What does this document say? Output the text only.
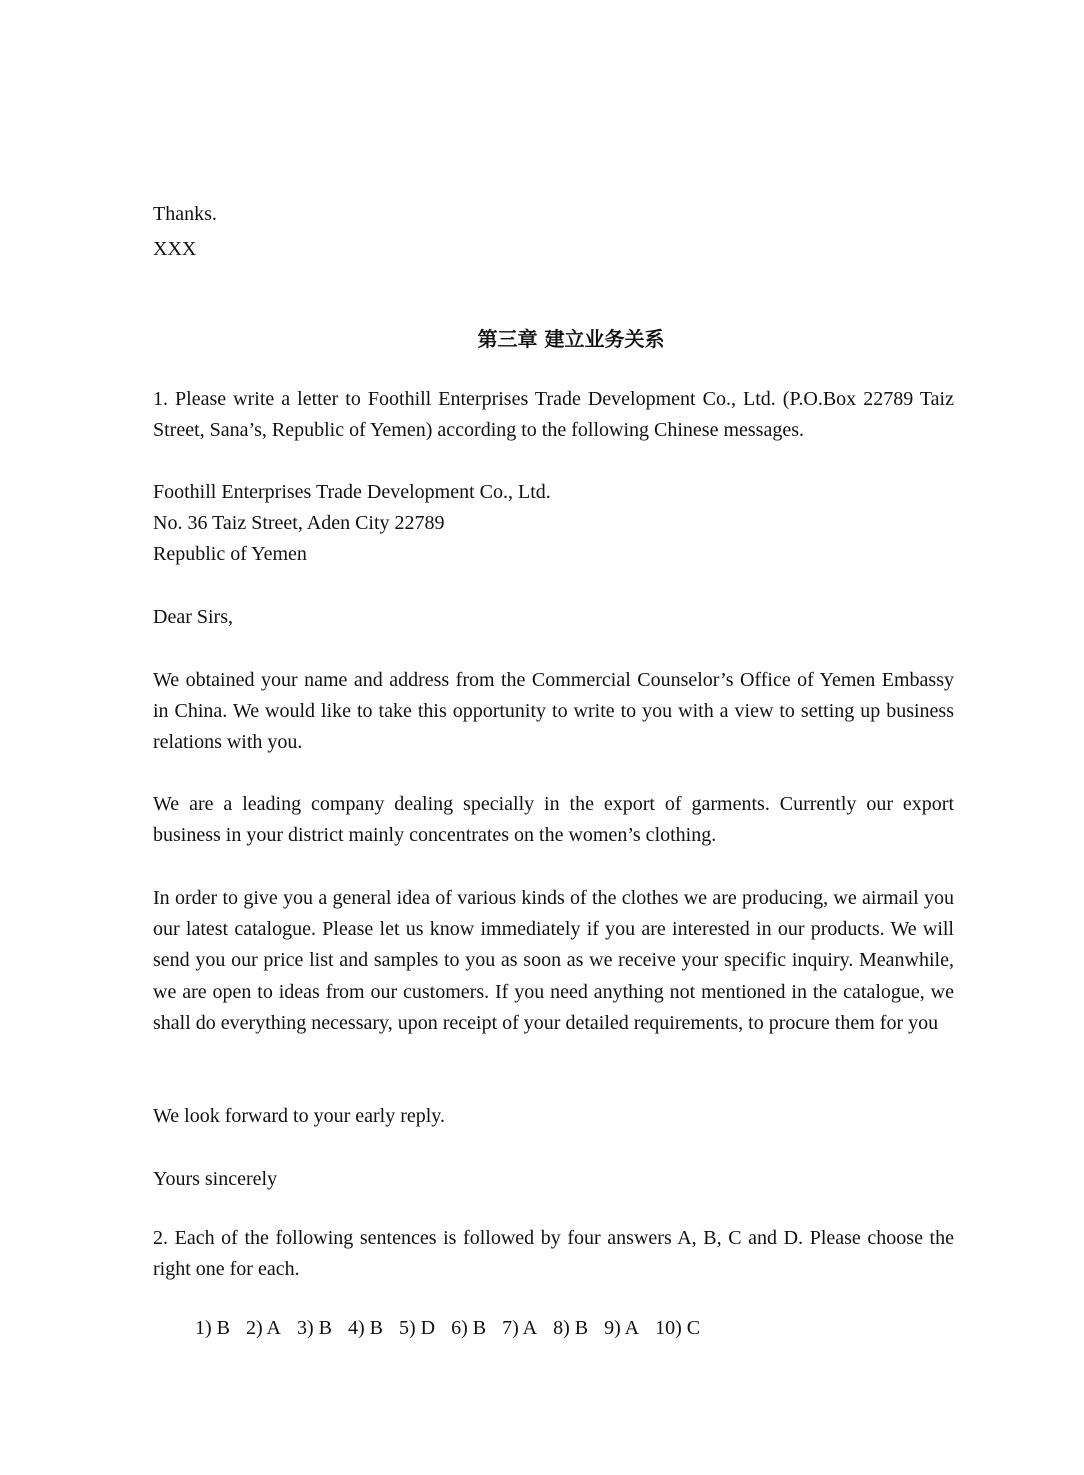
Thanks.
XXX
第三章 建立业务关系
1. Please write a letter to Foothill Enterprises Trade Development Co., Ltd. (P.O.Box 22789 Taiz Street, Sana’s, Republic of Yemen) according to the following Chinese messages.
Foothill Enterprises Trade Development Co., Ltd.
No. 36 Taiz Street, Aden City 22789
Republic of Yemen
Dear Sirs,
We obtained your name and address from the Commercial Counselor’s Office of Yemen Embassy in China. We would like to take this opportunity to write to you with a view to setting up business relations with you.
We are a leading company dealing specially in the export of garments. Currently our export business in your district mainly concentrates on the women’s clothing.
In order to give you a general idea of various kinds of the clothes we are producing, we airmail you our latest catalogue. Please let us know immediately if you are interested in our products. We will send you our price list and samples to you as soon as we receive your specific inquiry. Meanwhile, we are open to ideas from our customers. If you need anything not mentioned in the catalogue, we shall do everything necessary, upon receipt of your detailed requirements, to procure them for you
We look forward to your early reply.
Yours sincerely
2. Each of the following sentences is followed by four answers A, B, C and D. Please choose the right one for each.
1) B 2) A 3) B 4) B 5) D 6) B 7) A 8) B 9) A 10) C
